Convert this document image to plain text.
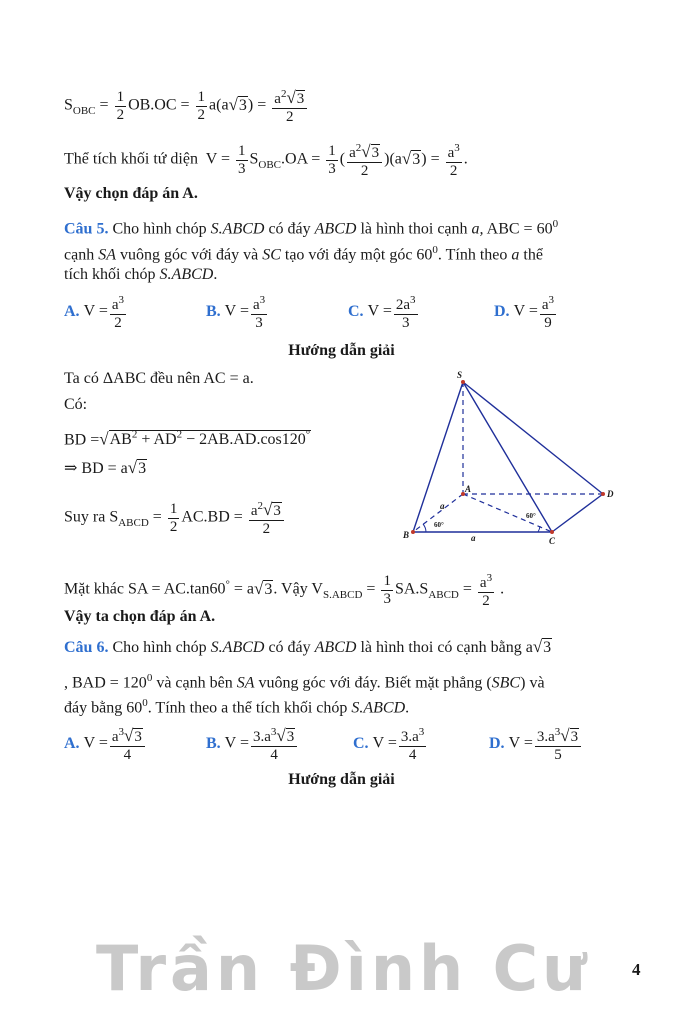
$S_{OBC} = \frac{1}{2} OB.OC = \frac{1}{2} a(a√3) = \frac{a^2√3}{2}$
Thể tích khối tứ diện $V = \frac{1}{3} S_{OBC}.OA = \frac{1}{3}$ ( $\frac{a^2√3}{2} )(a√3) = \frac{a^3}{2}$ .
Vậy chọn đáp án A.
Câu 5. Cho hình chóp S.ABCD có đáy ABCD là hình thoi cạnh a, ABC = $60^0$
cạnh SA vuông góc với đáy và SC tạo với đáy một góc $60^0$. Tính theo a thể
tích khối chóp S.ABCD.
A. $V = \frac{a^3}{2}$	B. $V = \frac{a^3}{3}$	C. $V = \frac{2a^3}{3}$	D. $V = \frac{a^3}{9}$
Hướng dẫn giải
Ta có ΔABC đều nên AC = a.
Có:
BD $=√AB^2 + AD^2 - 2AB.AD.\cos 120^\circ$
⇒ BD = a√3
Suy ra $S_{ABCD} = \frac{1}{2} AC.BD = \frac{a^2√3}{2}$
Mặt khác SA = AC.tan60° = a√3. Vậy $V_{S.ABCD} = \frac{1}{3} SA.S_{ABCD} = \frac{a^3}{2}$ .
S
B
C
D
A
a
a
60°
60°
Vậy ta chọn đáp án A.
Câu 6. Cho hình chóp S.ABCD có đáy ABCD là hình thoi có cạnh bằng a√3
, BAD = $120^0$ và cạnh bên SA vuông góc với đáy. Biết mặt phẳng (SBC) và
đáy bằng $60^0$. Tính theo a thể tích khối chóp S.ABCD.
A. $V = \frac{a^3√3}{4}$	B. $V = \frac{3.a^3√3}{4}$	C. $V = \frac{3.a^3}{4}$	D. $V = \frac{3.a^3√3}{5}$
Hướng dẫn giải
Trần Đình Cư 4
